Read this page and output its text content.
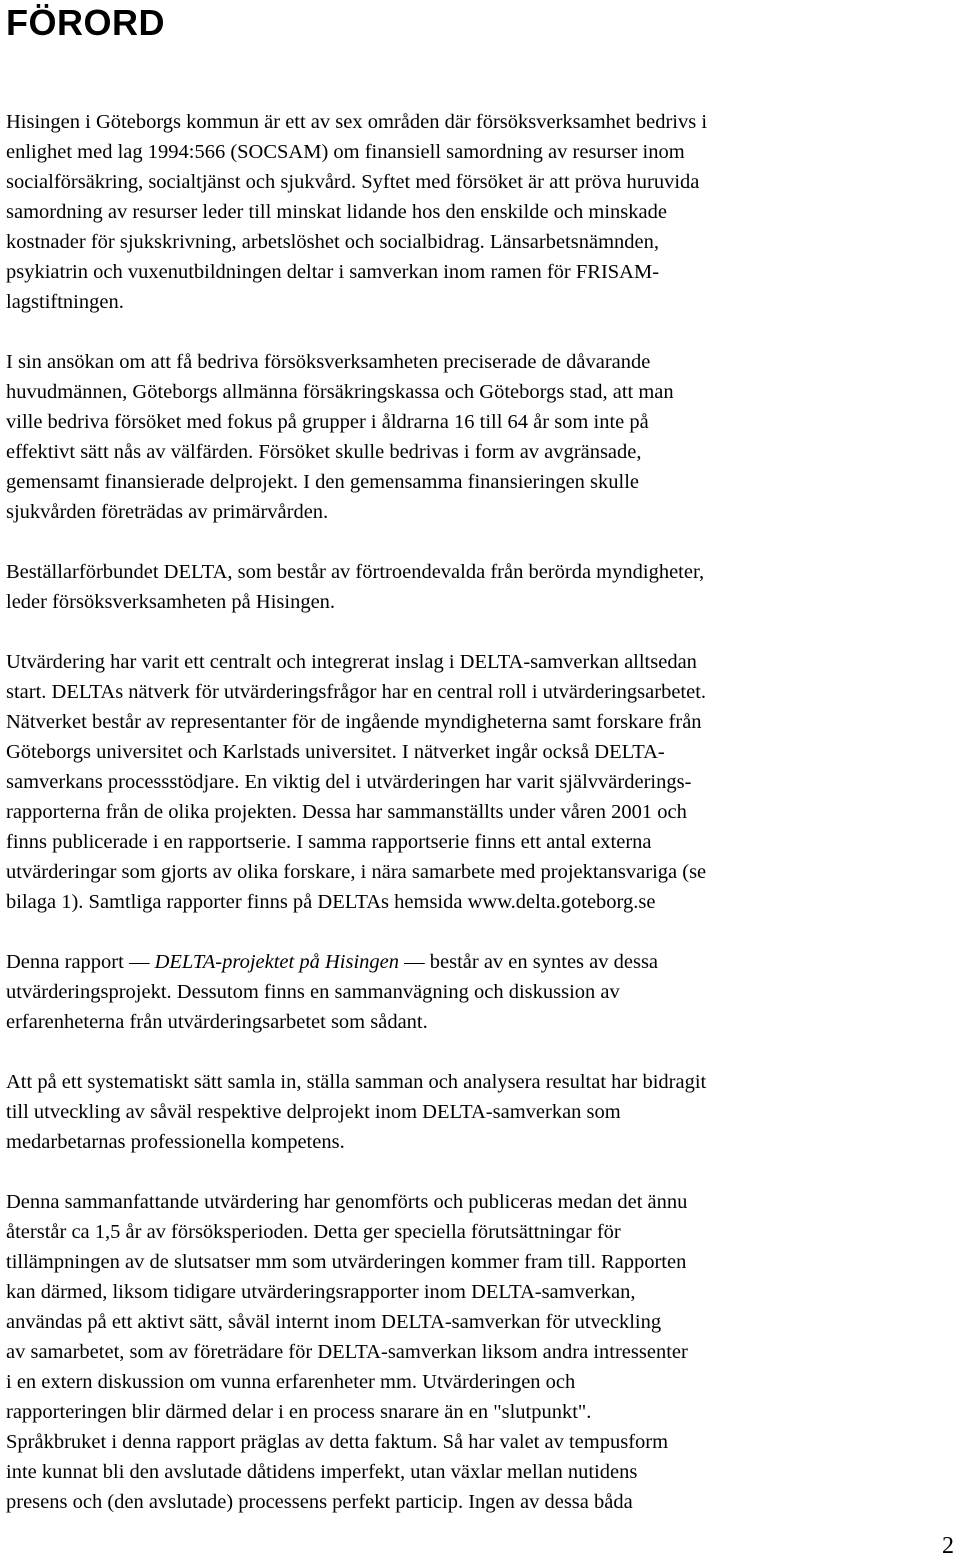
FÖRORD

Hisingen i Göteborgs kommun är ett av sex områden där försöksverksamhet bedrivs i
enlighet med lag 1994:566 (SOCSAM) om finansiell samordning av resurser inom
socialförsäkring, socialtjänst och sjukvård. Syftet med försöket är att pröva huruvida
samordning av resurser leder till minskat lidande hos den enskilde och minskade
kostnader för sjukskrivning, arbetslöshet och socialbidrag. Länsarbetsnämnden,
psykiatrin och vuxenutbildningen deltar i samverkan inom ramen för FRISAM-
lagstiftningen.

I sin ansökan om att få bedriva försöksverksamheten preciserade de dåvarande
huvudmännen, Göteborgs allmänna försäkringskassa och Göteborgs stad, att man
ville bedriva försöket med fokus på grupper i åldrarna 16 till 64 år som inte på
effektivt sätt nås av välfärden. Försöket skulle bedrivas i form av avgränsade,
gemensamt finansierade delprojekt. I den gemensamma finansieringen skulle
sjukvården företrädas av primärvården.

Beställarförbundet DELTA, som består av förtroendevalda från berörda myndigheter,
leder försöksverksamheten på Hisingen.

Utvärdering har varit ett centralt och integrerat inslag i DELTA-samverkan alltsedan
start. DELTAs nätverk för utvärderingsfrågor har en central roll i utvärderingsarbetet.
Nätverket består av representanter för de ingående myndigheterna samt forskare från
Göteborgs universitet och Karlstads universitet. I nätverket ingår också DELTA-
samverkans processstödjare. En viktig del i utvärderingen har varit självvärderings-
rapporterna från de olika projekten. Dessa har sammanställts under våren 2001 och
finns publicerade i en rapportserie. I samma rapportserie finns ett antal externa
utvärderingar som gjorts av olika forskare, i nära samarbete med projektansvariga (se
bilaga 1). Samtliga rapporter finns på DELTAs hemsida www.delta.goteborg.se

Denna rapport — DELTA-projektet på Hisingen — består av en syntes av dessa
utvärderingsprojekt. Dessutom finns en sammanvägning och diskussion av
erfarenheterna från utvärderingsarbetet som sådant.

Att på ett systematiskt sätt samla in, ställa samman och analysera resultat har bidragit
till utveckling av såväl respektive delprojekt inom DELTA-samverkan som
medarbetarnas professionella kompetens.

Denna sammanfattande utvärdering har genomförts och publiceras medan det ännu
återstår ca 1,5 år av försöksperioden. Detta ger speciella förutsättningar för
tillämpningen av de slutsatser mm som utvärderingen kommer fram till. Rapporten
kan därmed, liksom tidigare utvärderingsrapporter inom DELTA-samverkan,
användas på ett aktivt sätt, såväl internt inom DELTA-samverkan för utveckling
av samarbetet, som av företrädare för DELTA-samverkan liksom andra intressenter
i en extern diskussion om vunna erfarenheter mm. Utvärderingen och
rapporteringen blir därmed delar i en process snarare än en "slutpunkt".
Språkbruket i denna rapport präglas av detta faktum. Så har valet av tempusform
inte kunnat bli den avslutade dåtidens imperfekt, utan växlar mellan nutidens
presens och (den avslutade) processens perfekt particip. Ingen av dessa båda

2
